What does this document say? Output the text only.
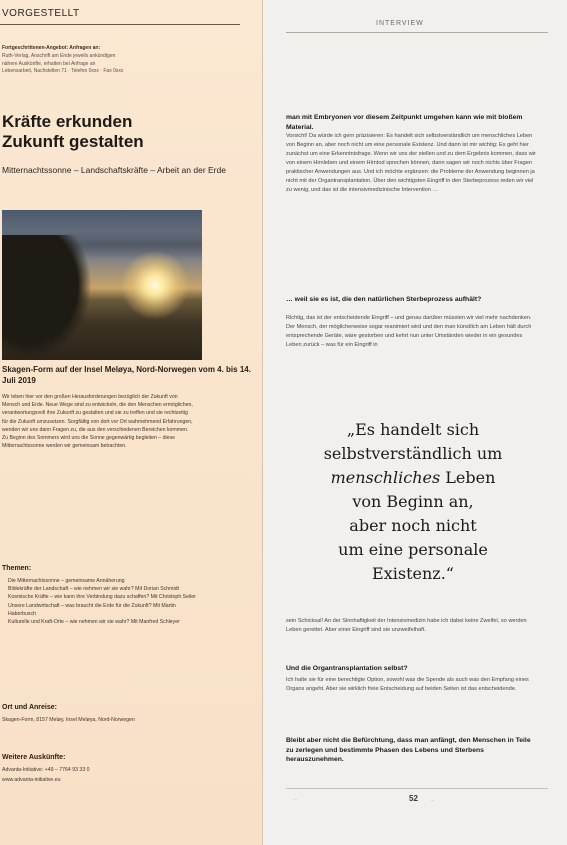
VORGESTELLT
Fortgeschrittenen-Angebot: Anfragen an:
Ruth-Verlag, Anschrift am Ende jeweils ankündigen
nähere Auskünfte, erhalten bei Anfrage an
Lebensarbeit, Nachstellen 71 · Telefon 0xxx · Fax 0xxx
Kräfte erkunden
Zukunft gestalten
Mitternachtssonne – Landschaftskräfte – Arbeit an der Erde
Skagen-Form auf der Insel Meløya, Nord-Norwegen vom 4. bis 14. Juli 2019
Wir leben hier vor den großen Herausforderungen bezüglich der Zukunft von Mensch und Erde. Neue Wege sind zu entwickeln, die den Menschen ermöglichen, verantwortungsvoll ihre Zukunft zu gestalten und sie zu treffen und sie rechtzeitig für die Zukunft umzusetzen. Sorgfältig von dort vor Ort wahrnehmend Erfahrungen, wenden wir uns dann Fragen zu, die aus den verschiedenen Bereichen kommen. Zu Beginn des Sommers wird uns die Sonne gegenwärtig begleiten – diese Mitternachtssonne werden wir gemeinsam betrachten.
Themen:
Die Mitternachtssonne – gemeinsame Annäherung
Bildekräfte der Landschaft – wie nehmen wir sie wahr? Mit Dorian Schmidt
Kosmische Kräfte – wie kann ihre Verbindung dazu schaffen? Mit Christoph Seiler
Unsere Landwirtschaft – was braucht die Erde für die Zukunft? Mit Martin Haberbusch
Kulturelle und Kraft-Orte – wie nehmen wir sie wahr? Mit Manfred Schleyer
Ort und Anreise:
Skagen-Form, 8157 Meløy, Insel Meløya, Nord-Norwegen
Weitere Auskünfte:
Advanta-Initiative: +49 – 7764 93 33 0
www.advanta-initiative.eu
INTERVIEW
man mit Embryonen vor diesem Zeitpunkt umgehen kann wie mit bloßem Material.
Vorsicht! Da würde ich gern präzisieren: Es handelt sich selbstverständlich um menschliches Leben von Beginn an, aber noch nicht um eine personale Existenz. Und dann ist mir wichtig: Es geht hier zunächst um eine Erkenntnisfrage. Wenn wir uns der stellen und zu dem Ergebnis kommen, dass wir von einem Hirnleben und einem Hirntod sprechen können, dann sagen wir noch nichts über Fragen praktischer Anwendungen aus. Und ich möchte ergänzen: die Probleme der Anwendung beginnen ja nicht mit der Organtransplantation. Über den wichtigsten Eingriff in den Sterbeprozess reden wir viel zu wenig, und das ist die intensivmedizinische Intervention …
… weil sie es ist, die den natürlichen Sterbeprozess aufhält?
Richtig, das ist der entscheidende Eingriff – und genau darüber müssten wir viel mehr nachdenken. Der Mensch, der möglicherweise sogar reanimiert wird und den man künstlich am Leben hält durch entsprechende Geräte, wäre gestorben und kehrt nun unter Umständen wieder in ein gesundes Leben zurück – was für ein Eingriff in
„Es handelt sich
selbstverständlich um
menschliches Leben
von Beginn an,
aber noch nicht
um eine personale
Existenz.“
sein Schicksal! An der Sinnhaftigkeit der Intensivmedizin habe ich dabei keine Zweifel, so werden Leben gerettet. Aber einer Eingriff sind sie unzweifelhaft.
Und die Organtransplantation selbst?
Ich halte sie für eine berechtigte Option, sowohl was die Spende als auch was den Empfang eines Organs angeht. Aber sie wirklich freie Entscheidung auf beiden Seiten ist das entscheidende.
Bleibt aber nicht die Befürchtung, dass man anfängt, den Menschen in Teile zu zerlegen und bestimmte Phasen des Lebens und Sterbens herauszunehmen.
…	52	…
